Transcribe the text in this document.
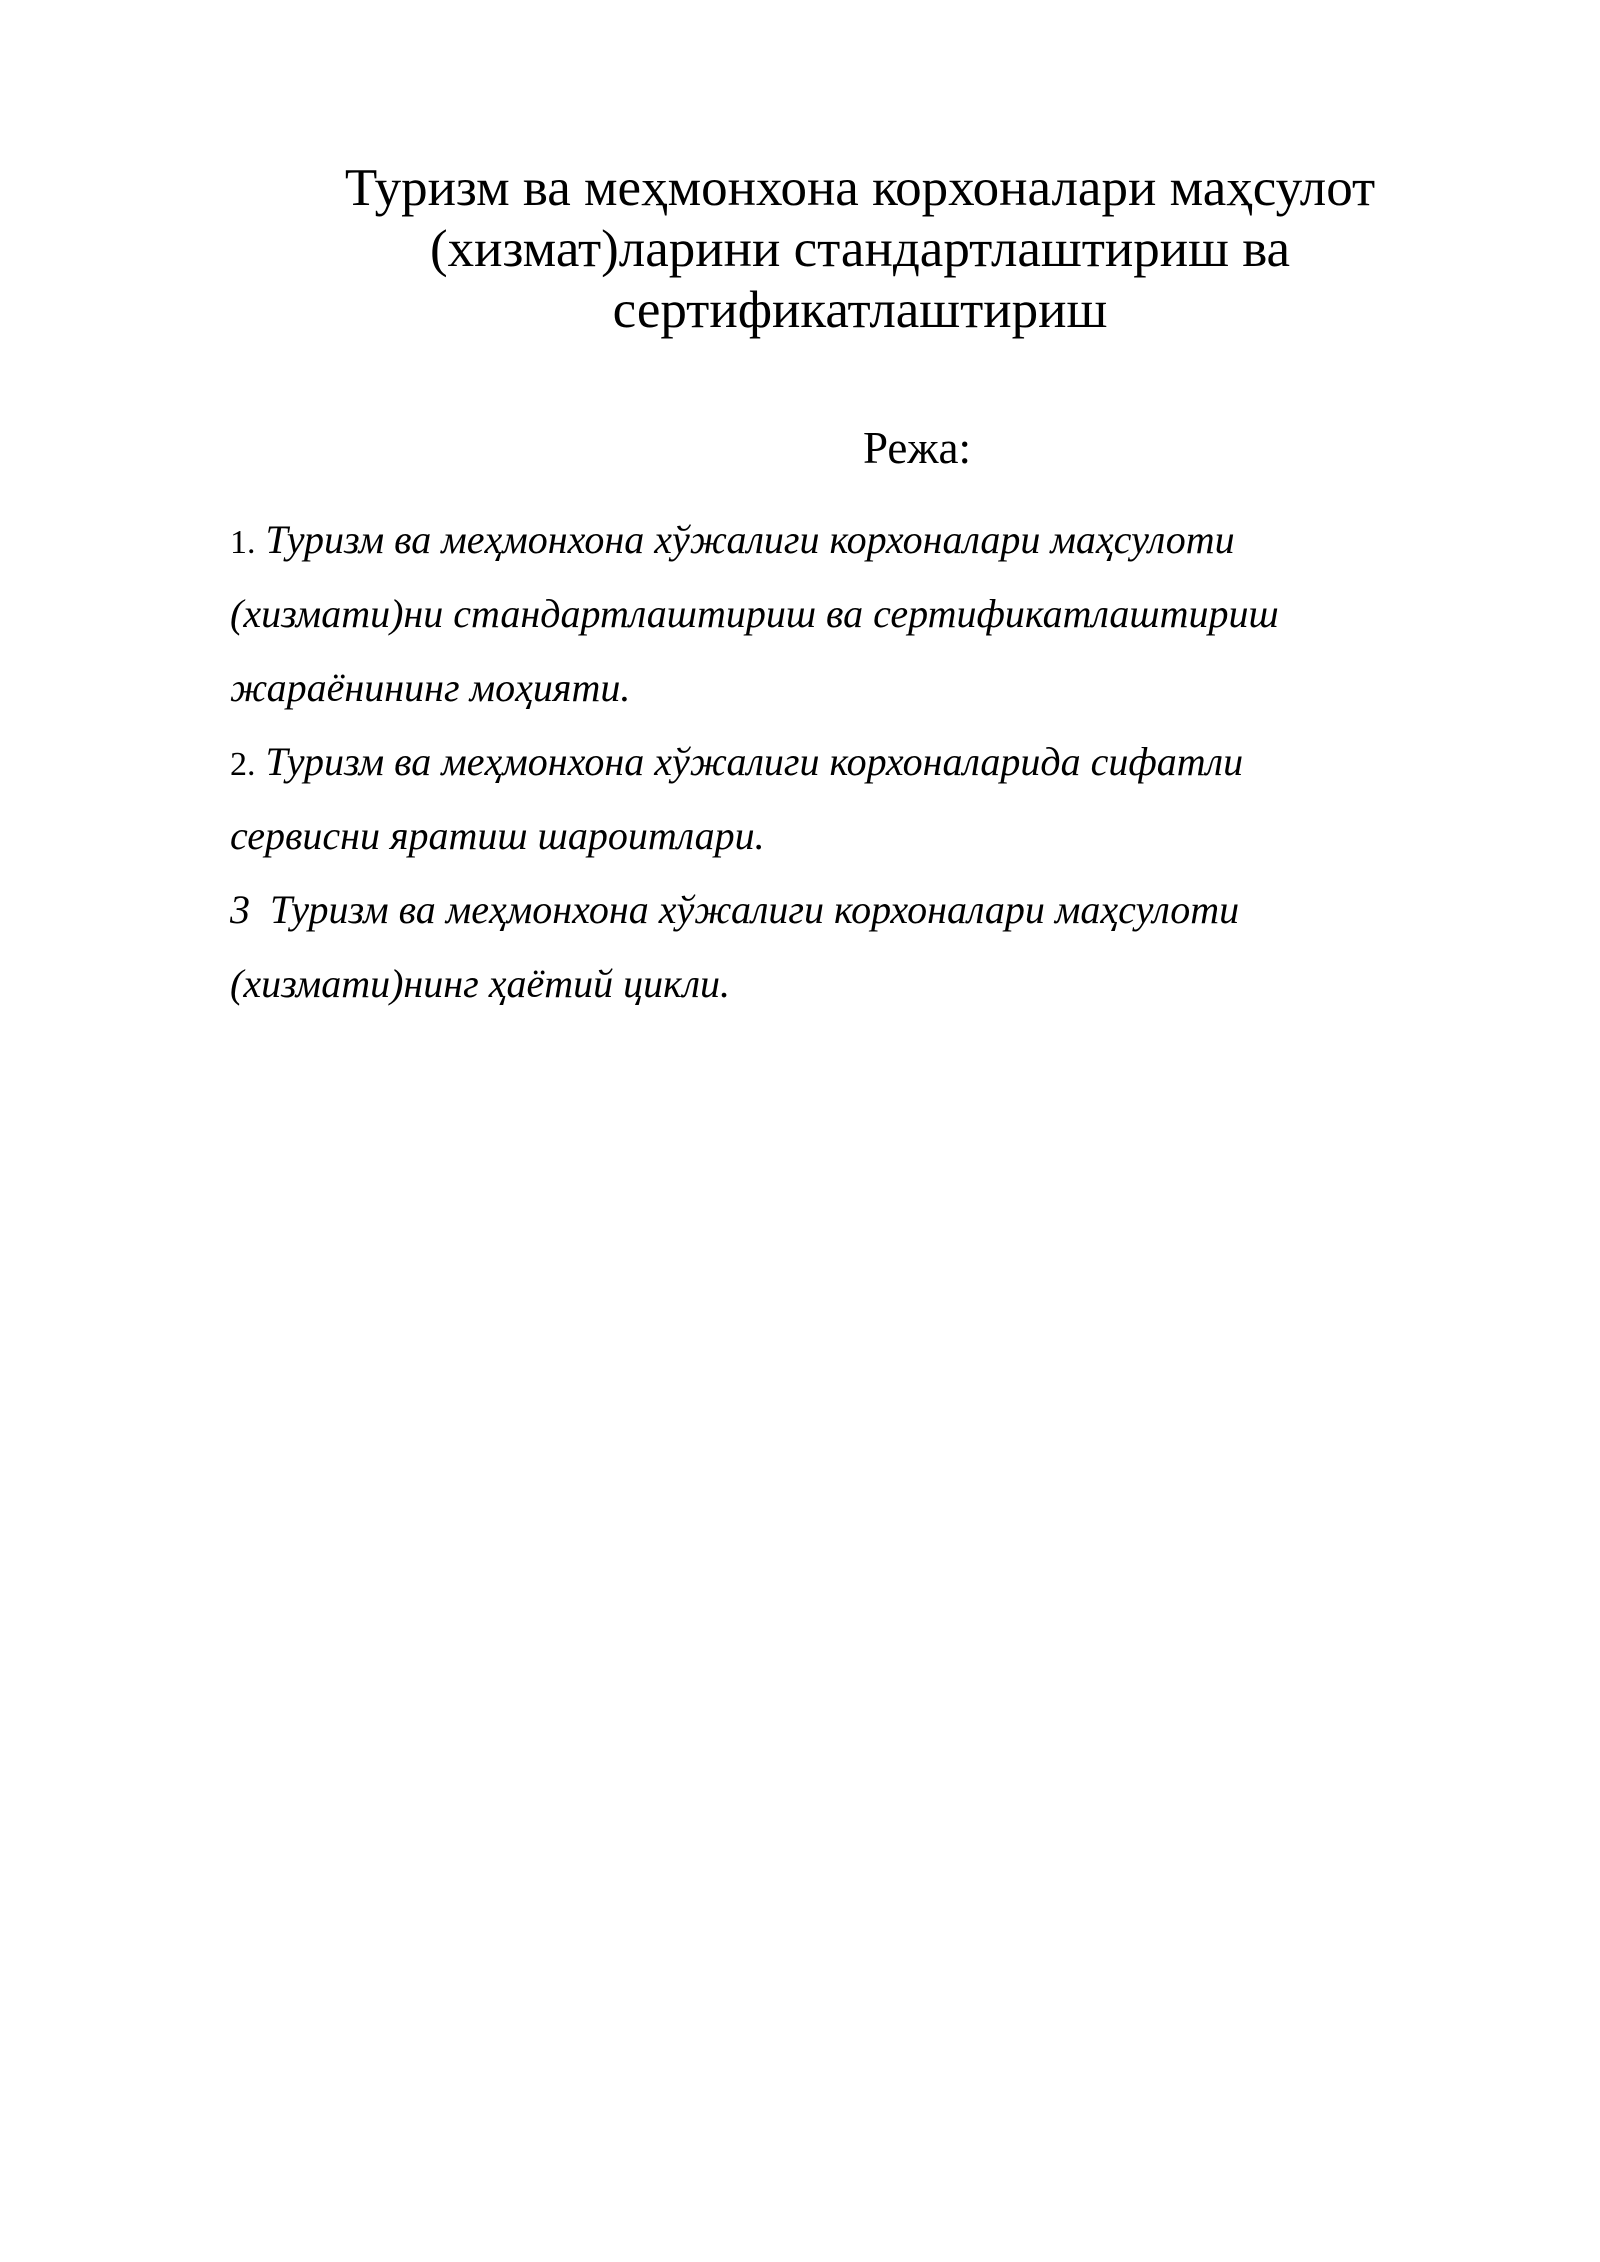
Туризм ва меҳмонхона корхоналари маҳсулот
(хизмат)ларини стандартлаштириш ва
сертификатлаштириш

Режа:

1. Туризм ва меҳмонхона хўжалиги корхоналари маҳсулоти
(хизмати)ни стандартлаштириш ва сертификатлаштириш
жараёнининг моҳияти.
2. Туризм ва меҳмонхона хўжалиги корхоналарида сифатли
сервисни яратиш шароитлари.
3 Туризм ва меҳмонхона хўжалиги корхоналари маҳсулоти
(хизмати)нинг ҳаётий цикли.
